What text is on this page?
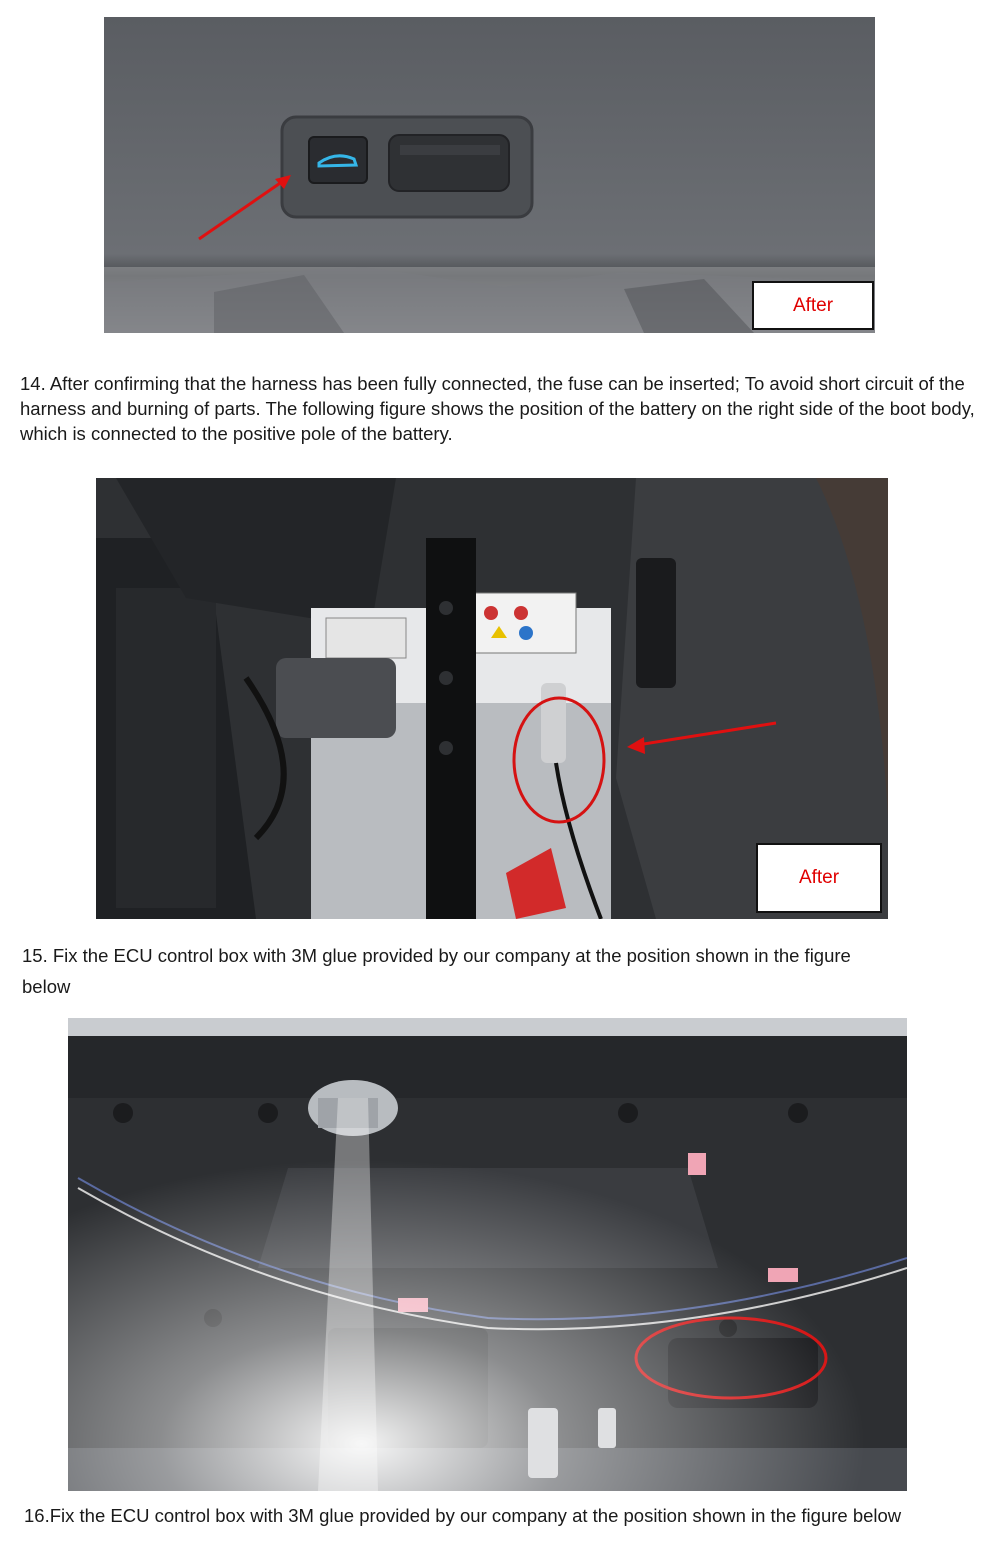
After
14. After confirming that the harness has been fully connected, the fuse can be inserted; To avoid short circuit of the harness and burning of parts. The following figure shows the position of the battery on the right side of the boot body, which is connected to the positive pole of the battery.
After
15. Fix the ECU control box with 3M glue provided by our company at the position shown in the figure below
16.Fix the ECU control box with 3M glue provided by our company at the position shown in the figure below
